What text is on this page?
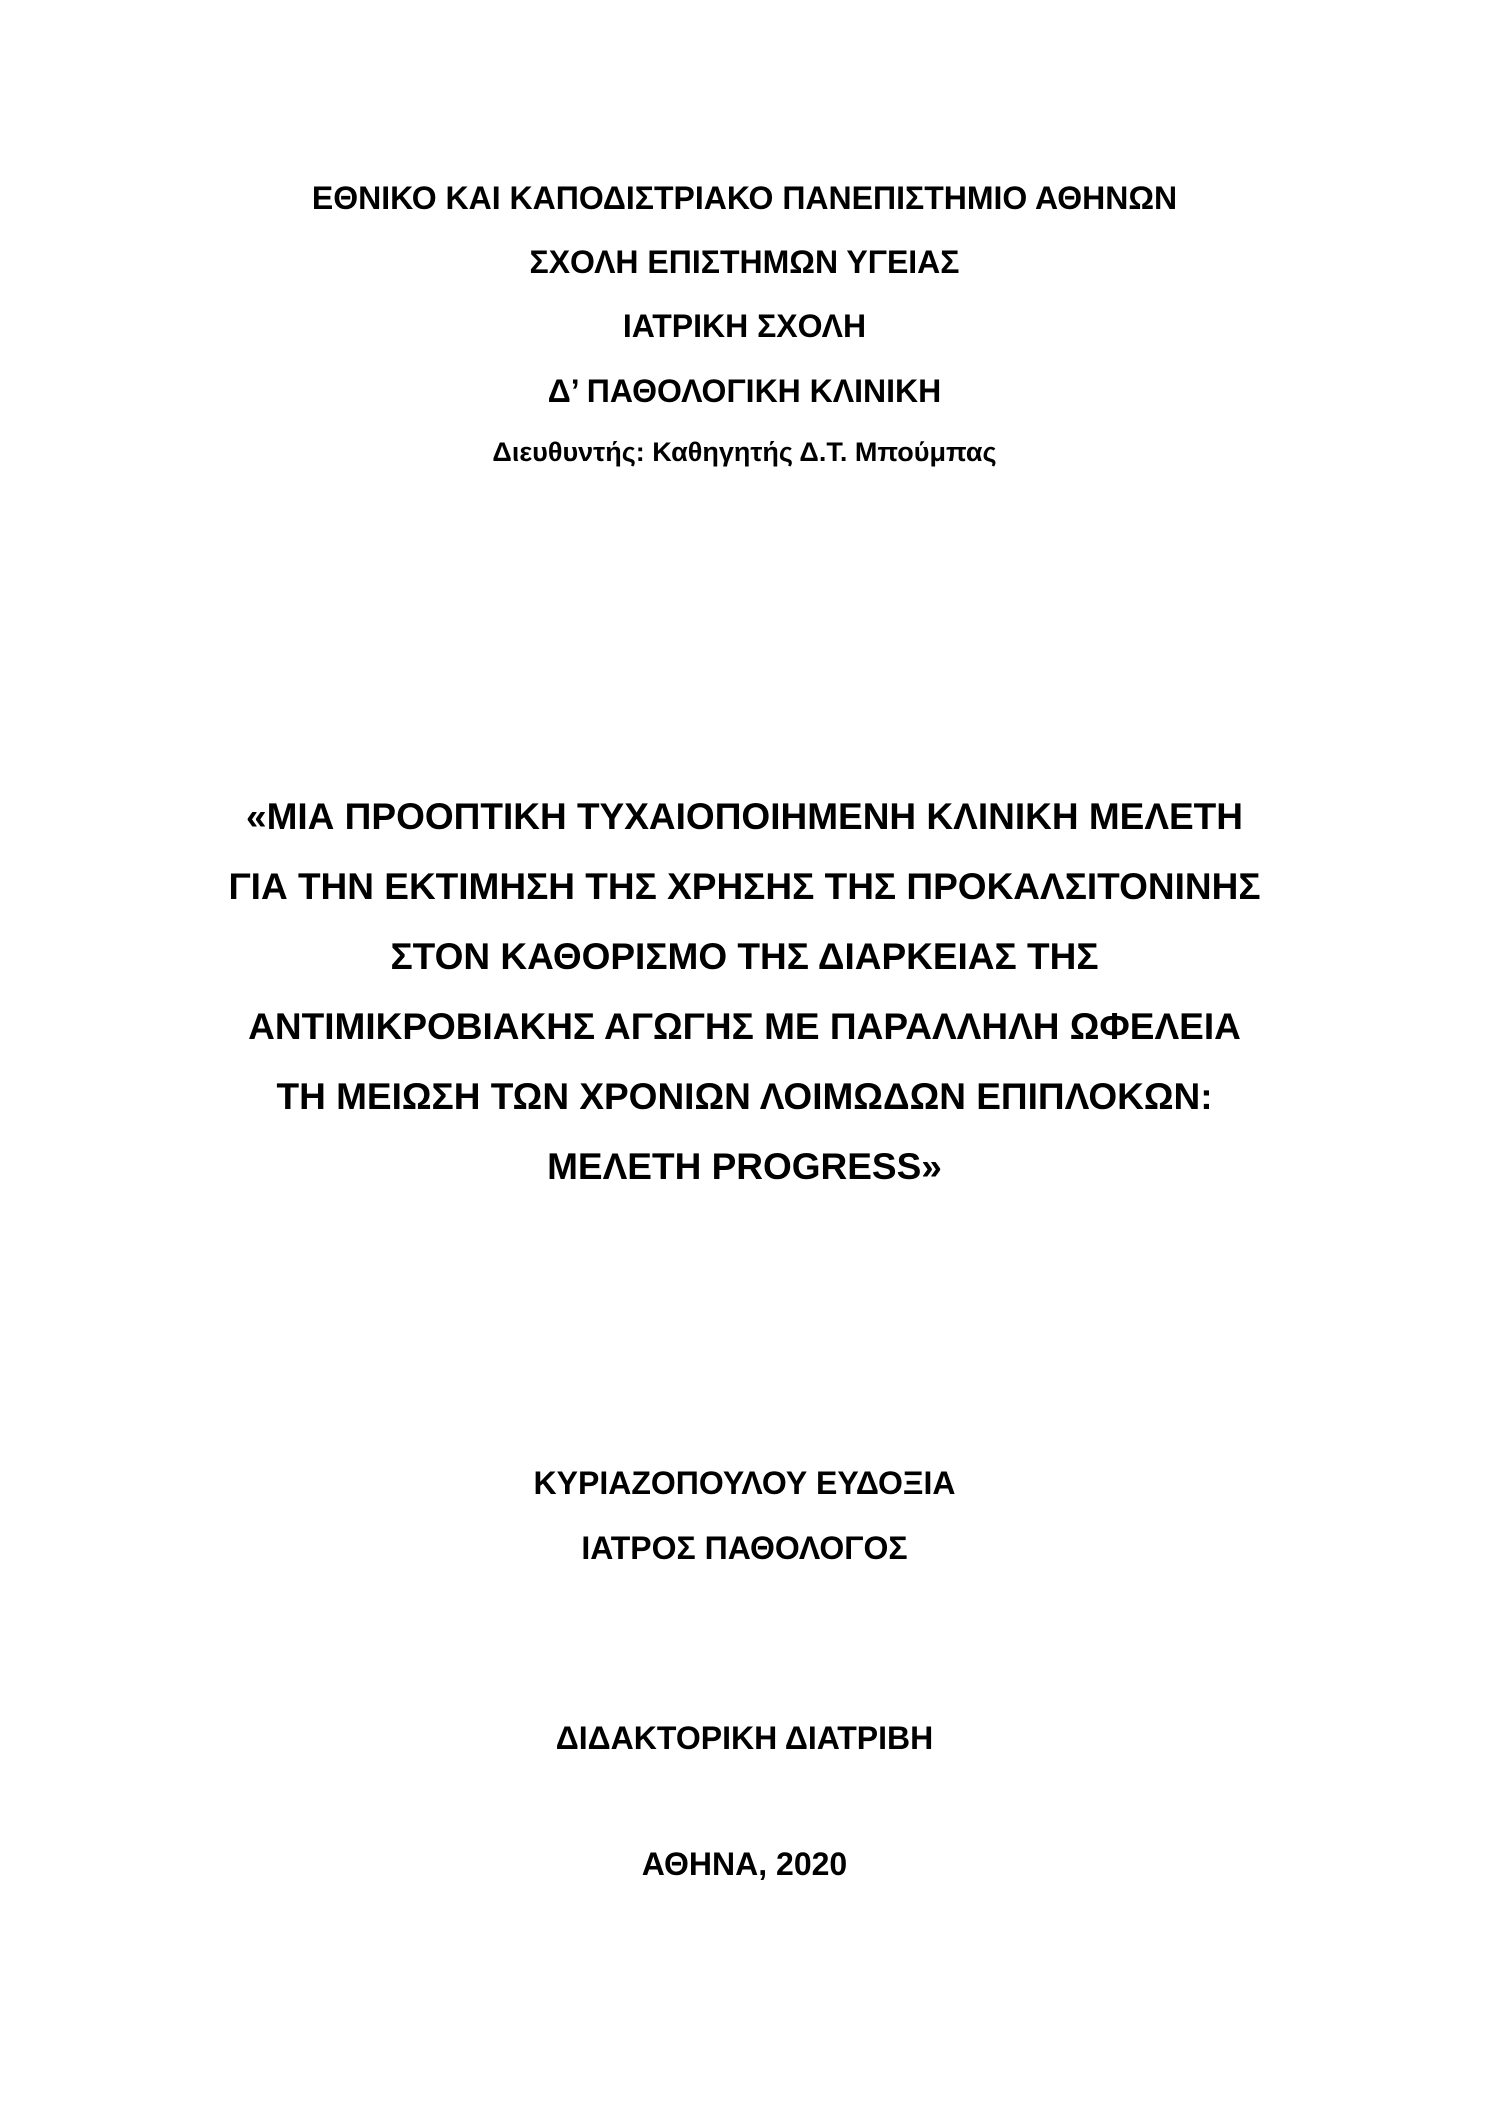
ΕΘΝΙΚΟ ΚΑΙ ΚΑΠΟΔΙΣΤΡΙΑΚΟ ΠΑΝΕΠΙΣΤΗΜΙΟ ΑΘΗΝΩΝ

ΣΧΟΛΗ ΕΠΙΣΤΗΜΩΝ ΥΓΕΙΑΣ

ΙΑΤΡΙΚΗ ΣΧΟΛΗ

Δ’ ΠΑΘΟΛΟΓΙΚΗ ΚΛΙΝΙΚΗ

Διευθυντής: Καθηγητής Δ.Τ. Μπούμπας

«ΜΙΑ ΠΡΟΟΠΤΙΚΗ ΤΥΧΑΙΟΠΟΙΗΜΕΝΗ ΚΛΙΝΙΚΗ ΜΕΛΕΤΗ

ΓΙΑ ΤΗΝ ΕΚΤΙΜΗΣΗ ΤΗΣ ΧΡΗΣΗΣ ΤΗΣ ΠΡΟΚΑΛΣΙΤΟΝΙΝΗΣ

ΣΤΟΝ ΚΑΘΟΡΙΣΜΟ ΤΗΣ ΔΙΑΡΚΕΙΑΣ ΤΗΣ

ΑΝΤΙΜΙΚΡΟΒΙΑΚΗΣ ΑΓΩΓΗΣ ΜΕ ΠΑΡΑΛΛΗΛΗ ΩΦΕΛΕΙΑ

ΤΗ ΜΕΙΩΣΗ ΤΩΝ ΧΡΟΝΙΩΝ ΛΟΙΜΩΔΩΝ ΕΠΙΠΛΟΚΩΝ:

ΜΕΛΕΤΗ PROGRESS»

ΚΥΡΙΑΖΟΠΟΥΛΟΥ ΕΥΔΟΞΙΑ

ΙΑΤΡΟΣ ΠΑΘΟΛΟΓΟΣ

ΔΙΔΑΚΤΟΡΙΚΗ ΔΙΑΤΡΙΒΗ

ΑΘΗΝΑ, 2020
